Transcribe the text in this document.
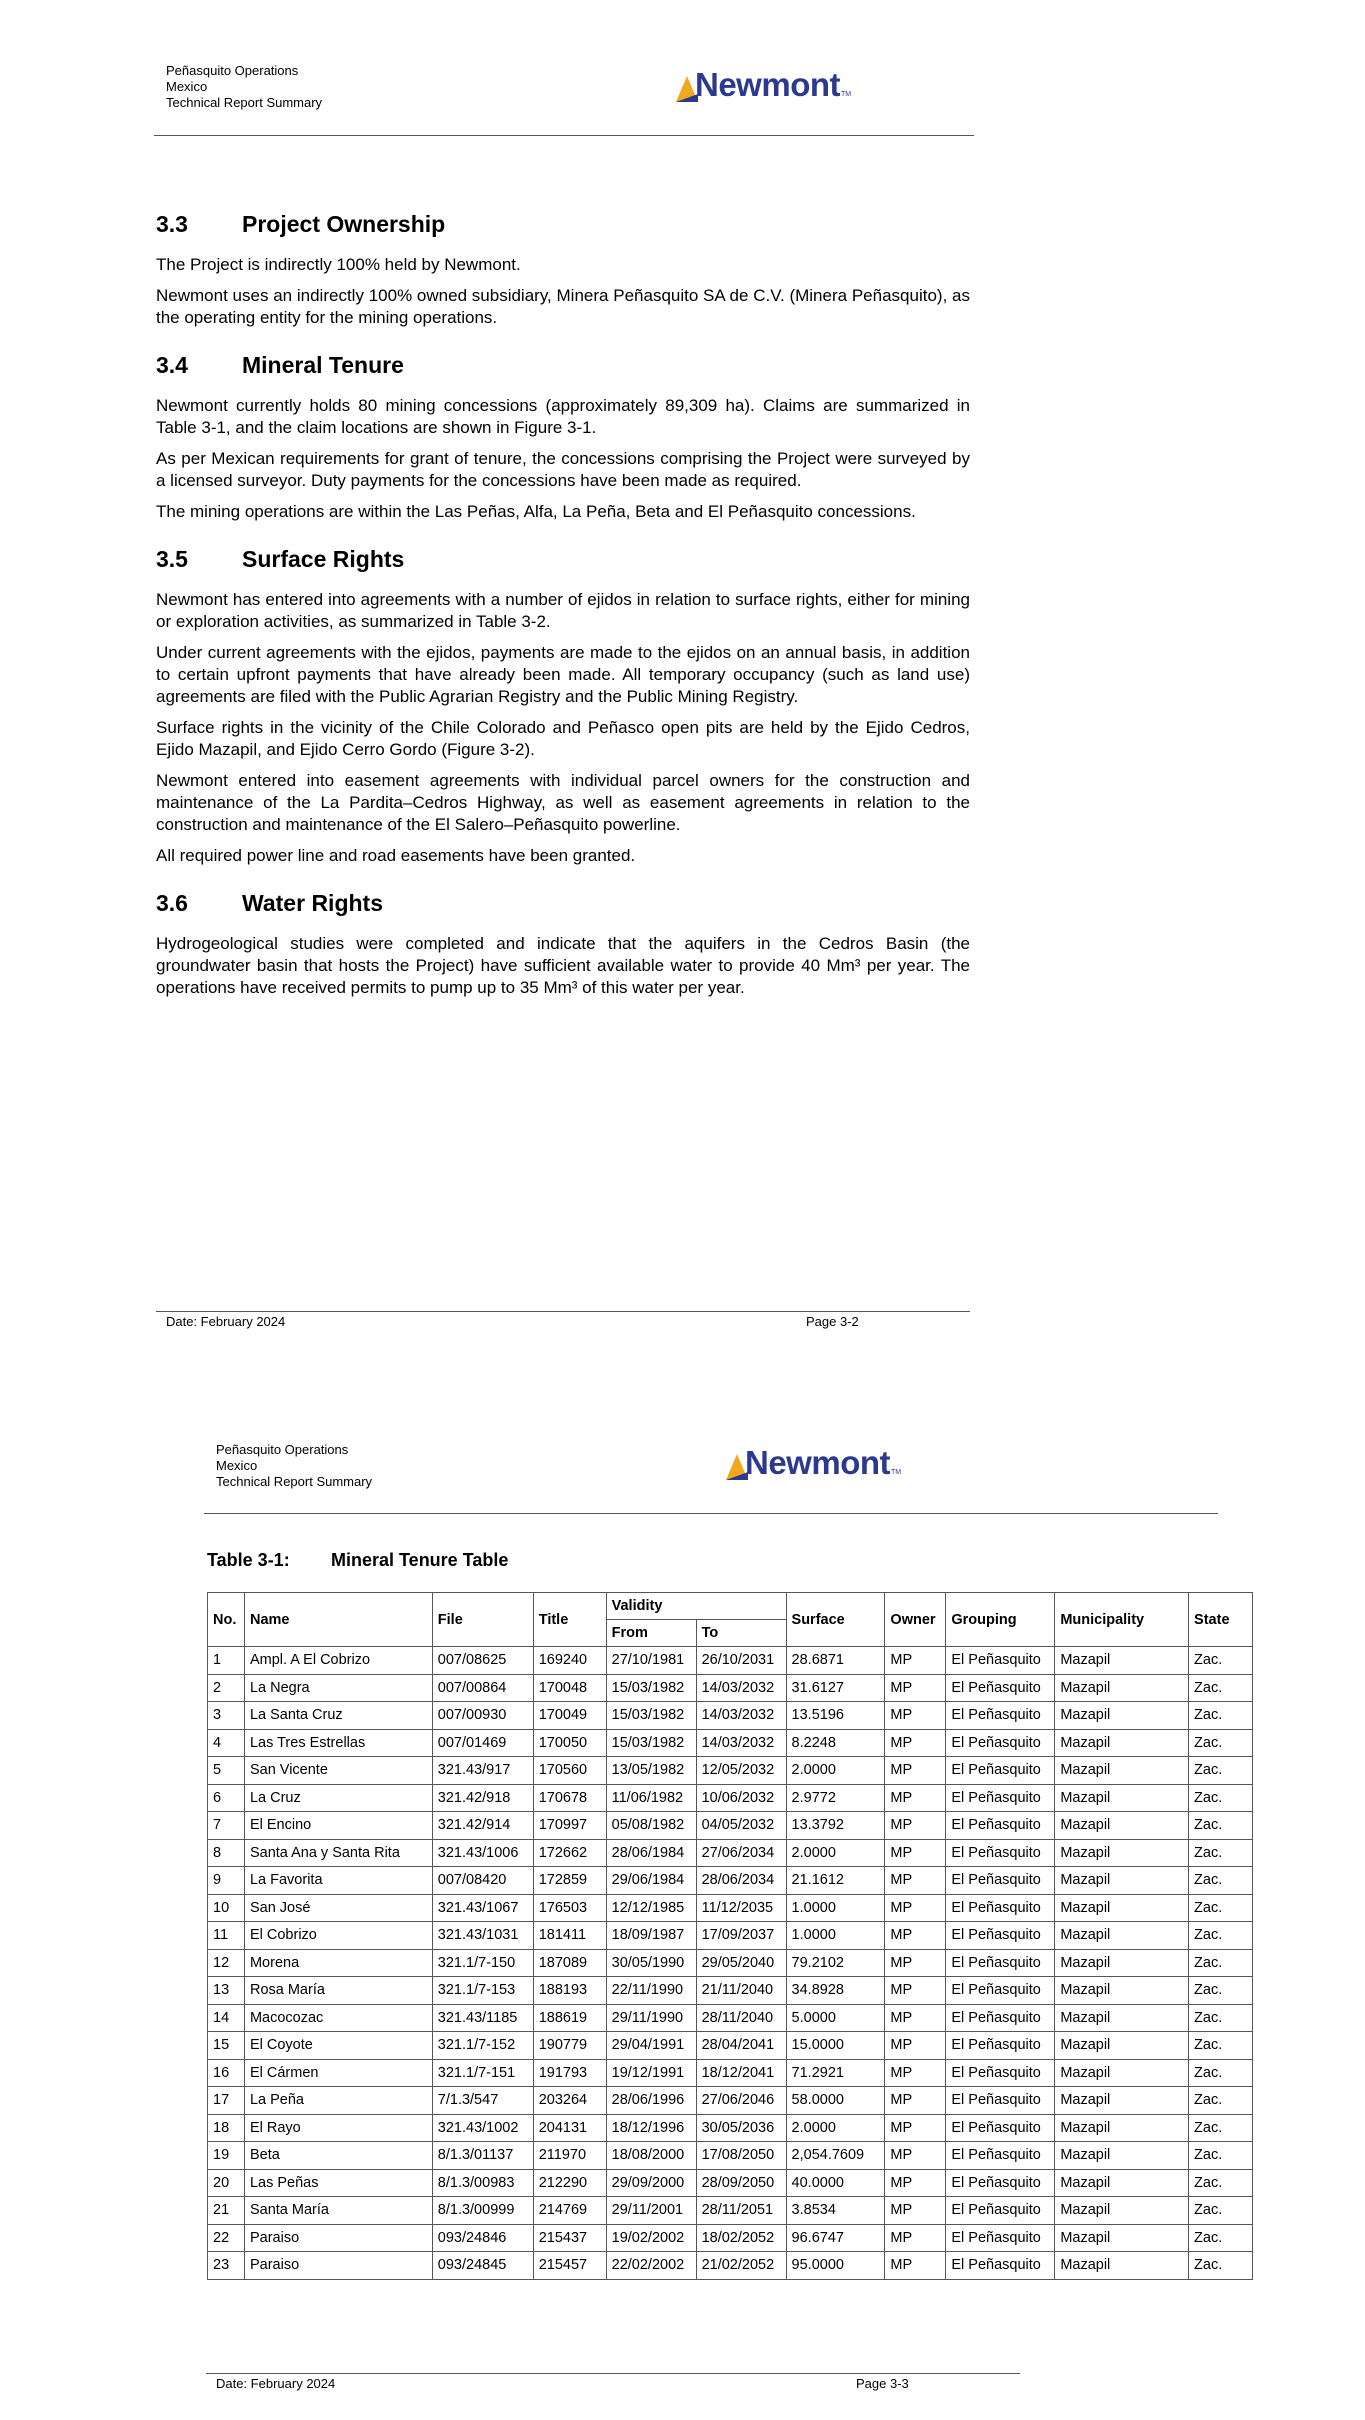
Peñasquito Operations
Mexico
Technical Report Summary	Newmont TM
3.3	Project Ownership

The Project is indirectly 100% held by Newmont.

Newmont uses an indirectly 100% owned subsidiary, Minera Peñasquito SA de C.V. (Minera Peñasquito), as the operating entity for the mining operations.

3.4	Mineral Tenure

Newmont currently holds 80 mining concessions (approximately 89,309 ha). Claims are summarized in Table 3-1, and the claim locations are shown in Figure 3-1.

As per Mexican requirements for grant of tenure, the concessions comprising the Project were surveyed by a licensed surveyor. Duty payments for the concessions have been made as required.

The mining operations are within the Las Peñas, Alfa, La Peña, Beta and El Peñasquito concessions.

3.5	Surface Rights

Newmont has entered into agreements with a number of ejidos in relation to surface rights, either for mining or exploration activities, as summarized in Table 3-2.

Under current agreements with the ejidos, payments are made to the ejidos on an annual basis, in addition to certain upfront payments that have already been made. All temporary occupancy (such as land use) agreements are filed with the Public Agrarian Registry and the Public Mining Registry.

Surface rights in the vicinity of the Chile Colorado and Peñasco open pits are held by the Ejido Cedros, Ejido Mazapil, and Ejido Cerro Gordo (Figure 3-2).

Newmont entered into easement agreements with individual parcel owners for the construction and maintenance of the La Pardita–Cedros Highway, as well as easement agreements in relation to the construction and maintenance of the El Salero–Peñasquito powerline.

All required power line and road easements have been granted.

3.6	Water Rights

Hydrogeological studies were completed and indicate that the aquifers in the Cedros Basin (the groundwater basin that hosts the Project) have sufficient available water to provide 40 Mm³ per year. The operations have received permits to pump up to 35 Mm³ of this water per year.

Date: February 2024	Page 3-2
Peñasquito Operations
Mexico
Technical Report Summary
Newmont TM
Table 3-1: Mineral Tenure Table
No.	Name	File	Title	Validity		Surface	Owner	Grouping	Municipality	State
				From	To					
1	Ampl. A El Cobrizo	007/08625	169240	27/10/1981	26/10/2031	28.6871	MP	El Peñasquito	Mazapil	Zac.
2	La Negra	007/00864	170048	15/03/1982	14/03/2032	31.6127	MP	El Peñasquito	Mazapil	Zac.
3	La Santa Cruz	007/00930	170049	15/03/1982	14/03/2032	13.5196	MP	El Peñasquito	Mazapil	Zac.
4	Las Tres Estrellas	007/01469	170050	15/03/1982	14/03/2032	8.2248	MP	El Peñasquito	Mazapil	Zac.
5	San Vicente	321.43/917	170560	13/05/1982	12/05/2032	2.0000	MP	El Peñasquito	Mazapil	Zac.
6	La Cruz	321.42/918	170678	11/06/1982	10/06/2032	2.9772	MP	El Peñasquito	Mazapil	Zac.
7	El Encino	321.42/914	170997	05/08/1982	04/05/2032	13.3792	MP	El Peñasquito	Mazapil	Zac.
8	Santa Ana y Santa Rita	321.43/1006	172662	28/06/1984	27/06/2034	2.0000	MP	El Peñasquito	Mazapil	Zac.
9	La Favorita	007/08420	172859	29/06/1984	28/06/2034	21.1612	MP	El Peñasquito	Mazapil	Zac.
10	San José	321.43/1067	176503	12/12/1985	11/12/2035	1.0000	MP	El Peñasquito	Mazapil	Zac.
11	El Cobrizo	321.43/1031	181411	18/09/1987	17/09/2037	1.0000	MP	El Peñasquito	Mazapil	Zac.
12	Morena	321.1/7-150	187089	30/05/1990	29/05/2040	79.2102	MP	El Peñasquito	Mazapil	Zac.
13	Rosa María	321.1/7-153	188193	22/11/1990	21/11/2040	34.8928	MP	El Peñasquito	Mazapil	Zac.
14	Macocozac	321.43/1185	188619	29/11/1990	28/11/2040	5.0000	MP	El Peñasquito	Mazapil	Zac.
15	El Coyote	321.1/7-152	190779	29/04/1991	28/04/2041	15.0000	MP	El Peñasquito	Mazapil	Zac.
16	El Cármen	321.1/7-151	191793	19/12/1991	18/12/2041	71.2921	MP	El Peñasquito	Mazapil	Zac.
17	La Peña	7/1.3/547	203264	28/06/1996	27/06/2046	58.0000	MP	El Peñasquito	Mazapil	Zac.
18	El Rayo	321.43/1002	204131	18/12/1996	30/05/2036	2.0000	MP	El Peñasquito	Mazapil	Zac.
19	Beta	8/1.3/01137	211970	18/08/2000	17/08/2050	2,054.7609	MP	El Peñasquito	Mazapil	Zac.
20	Las Peñas	8/1.3/00983	212290	29/09/2000	28/09/2050	40.0000	MP	El Peñasquito	Mazapil	Zac.
21	Santa María	8/1.3/00999	214769	29/11/2001	28/11/2051	3.8534	MP	El Peñasquito	Mazapil	Zac.
22	Paraiso	093/24846	215437	19/02/2002	18/02/2052	96.6747	MP	El Peñasquito	Mazapil	Zac.
23	Paraiso	093/24845	215457	22/02/2002	21/02/2052	95.0000	MP	El Peñasquito	Mazapil	Zac.
Date: February 2024	Page 3-3
